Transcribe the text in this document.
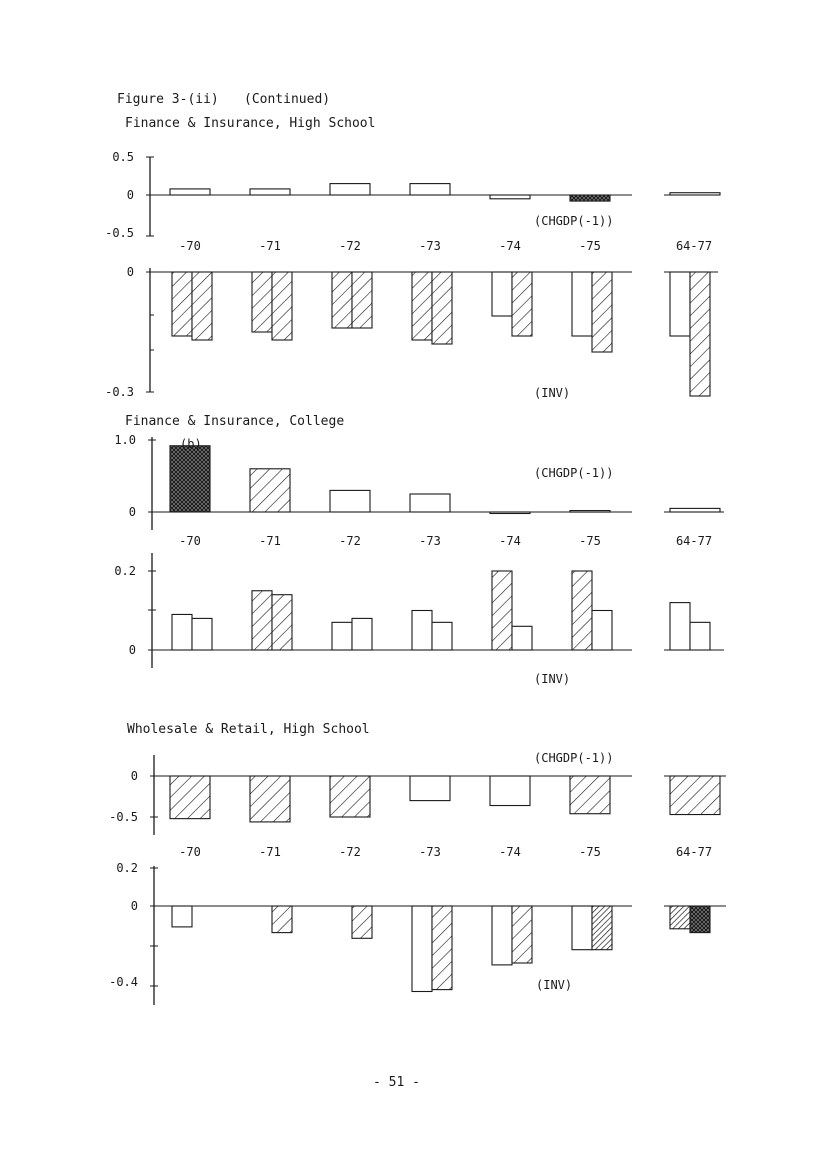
Figure 3-(ii) (Continued)
Finance & Insurance, High School
Finance & Insurance, College
Wholesale & Retail, High School
- 51 -
0.5
0
-0.5
(CHGDP(-1))
-70	-71	-72	-73	-74	-75	64-77
0
-0.3	(INV)
1.0
0
(CHGDP(-1))
-70	-71	-72	-73	-74	-75	64-77
(b)
0.2
0
(INV)
0
-0.5
(CHGDP(-1))
-70	-71	-72	-73	-74	-75	64-77
0.2
0
-0.4	(INV)
